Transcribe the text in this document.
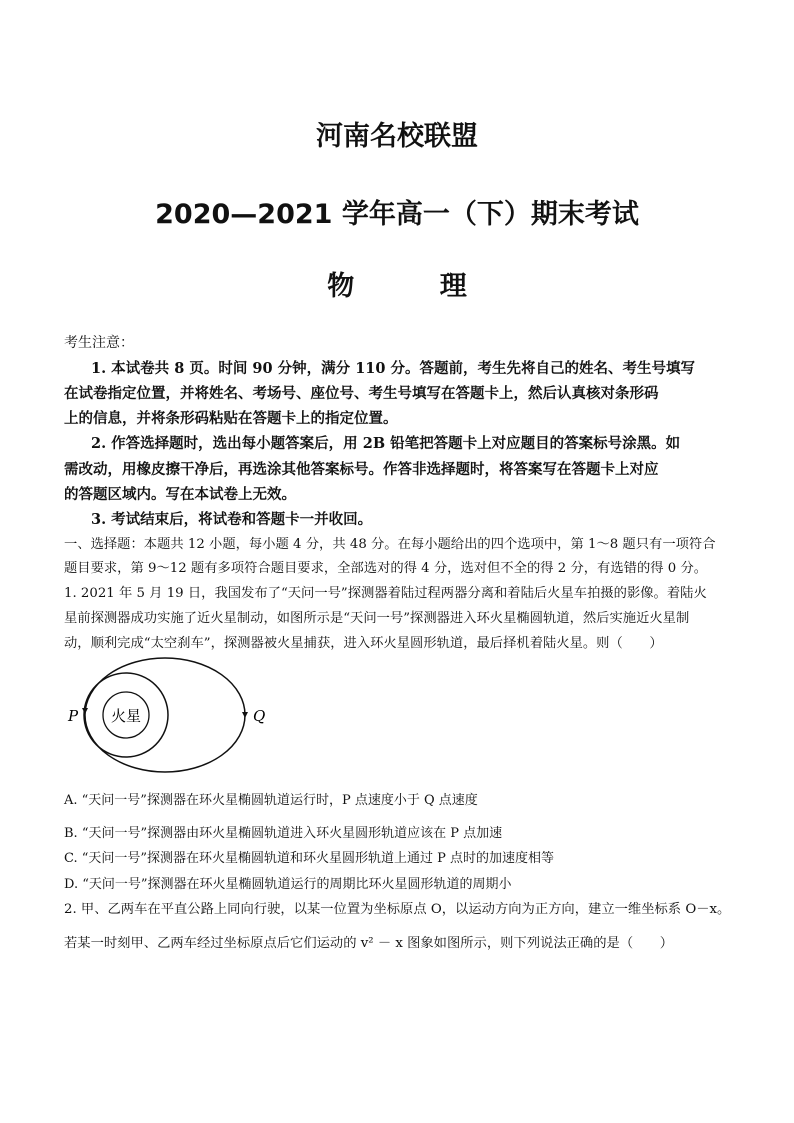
河南名校联盟
2020—2021 学年高一（下）期末考试
物 理
考生注意：
1. 本试卷共 8 页。时间 90 分钟，满分 110 分。答题前，考生先将自己的姓名、考生号填写
在试卷指定位置，并将姓名、考场号、座位号、考生号填写在答题卡上，然后认真核对条形码
上的信息，并将条形码粘贴在答题卡上的指定位置。
2. 作答选择题时，选出每小题答案后，用 2B 铅笔把答题卡上对应题目的答案标号涂黑。如
需改动，用橡皮擦干净后，再选涂其他答案标号。作答非选择题时，将答案写在答题卡上对应
的答题区域内。写在本试卷上无效。
3. 考试结束后，将试卷和答题卡一并收回。
一、选择题：本题共 12 小题，每小题 4 分，共 48 分。在每小题给出的四个选项中，第 1～8 题只有一项符合
题目要求，第 9～12 题有多项符合题目要求，全部选对的得 4 分，选对但不全的得 2 分，有选错的得 0 分。
1. 2021 年 5 月 19 日，我国发布了“天问一号”探测器着陆过程两器分离和着陆后火星车拍摄的影像。着陆火
星前探测器成功实施了近火星制动，如图所示是“天问一号”探测器进入环火星椭圆轨道，然后实施近火星制
动，顺利完成“太空刹车”，探测器被火星捕获，进入环火星圆形轨道，最后择机着陆火星。则（　　）
火星
P	Q
A. “天问一号”探测器在环火星椭圆轨道运行时，P 点速度小于 Q 点速度
B. “天问一号”探测器由环火星椭圆轨道进入环火星圆形轨道应该在 P 点加速
C. “天问一号”探测器在环火星椭圆轨道和环火星圆形轨道上通过 P 点时的加速度相等
D. “天问一号”探测器在环火星椭圆轨道运行的周期比环火星圆形轨道的周期小
2. 甲、乙两车在平直公路上同向行驶，以某一位置为坐标原点 O，以运动方向为正方向，建立一维坐标系 O－x。
若某一时刻甲、乙两车经过坐标原点后它们运动的 v² － x 图象如图所示，则下列说法正确的是（　　）
